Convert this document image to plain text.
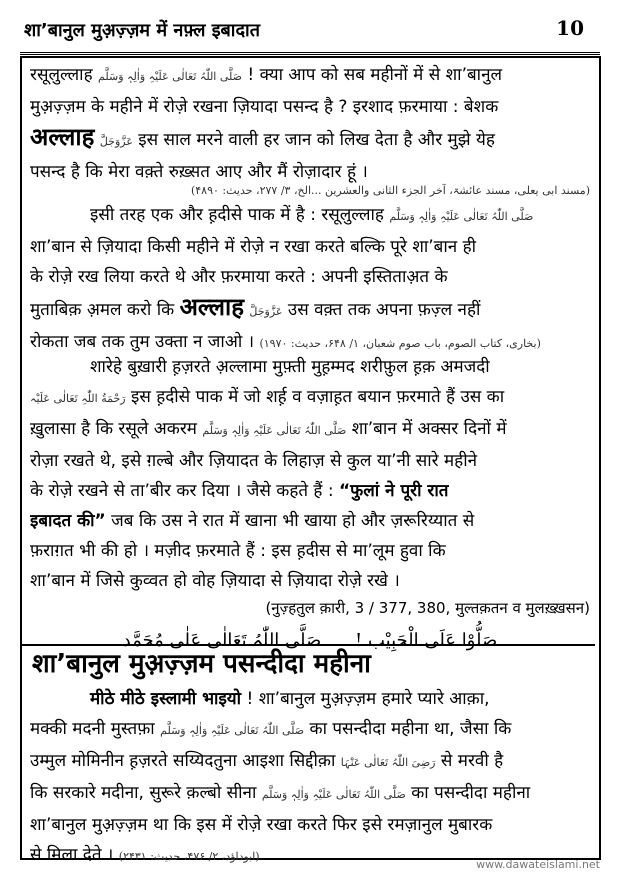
शा’बानुल मुअ़ज़्ज़म में नफ़्ल इबादात	10

रसूलुल्लाह صَلَّى اللّٰہُ تَعَالٰی عَلَیْہِ وَاٰلِہٖ وَسَلَّم ! क्या आप को सब महीनों में से शा’बानुल
मुअ़ज़्ज़म के महीने में रोज़े रखना ज़ियादा पसन्द है ? इरशाद फ़रमाया : बेशक
अल्लाह عَزَّوَجَلَّ इस साल मरने वाली हर जान को लिख देता है और मुझे येह
पसन्द है कि मेरा वक़्ते रुख़्सत आए और मैं रोज़ादार हूं ।

(مسند ابی یعلی، مسند عائشۃ، آخر الجزء الثانی والعشرین ...الخ، ۳/ ۲۷۷، حدیث: ۴۸۹۰)

इसी तरह एक और ह़दीसे पाक में है : रसूलुल्लाह صَلَّى اللّٰہُ تَعَالٰی عَلَیْہِ وَاٰلِہٖ وَسَلَّم
शा’बान से ज़ियादा किसी महीने में रोज़े न रखा करते बल्कि पूरे शा’बान ही
के रोज़े रख लिया करते थे और फ़रमाया करते : अपनी इस्तिताअ़त के
मुताबिक़ अ़मल करो कि अल्लाह عَزَّوَجَلَّ उस वक़्त तक अपना फ़ज़्ल नहीं
रोकता जब तक तुम उक्ता न जाओ । (بخاری، کتاب الصوم، باب صوم شعبان، ۱/ ۶۴۸، حدیث: ۱۹۷۰)

शारेहे बुख़ारी ह़ज़रते अ़ल्लामा मुफ़्ती मुह़म्मद शरीफ़ुल ह़क़ अमजदी
رَحْمَةُ اللّٰہِ تَعَالٰی عَلَیْہ इस ह़दीसे पाक में जो शर्ह़ व वज़ाह़त बयान फ़रमाते हैं उस का
ख़ुलासा है कि रसूले अकरम صَلَّى اللّٰہُ تَعَالٰی عَلَیْہِ وَاٰلِہٖ وَسَلَّم शा’बान में अक्सर दिनों में
रोज़ा रखते थे, इसे ग़ल्बे और ज़ियादत के लिहाज़ से कुल या’नी सारे महीने
के रोज़े रखने से ता’बीर कर दिया । जैसे कहते हैं : “फुलां ने पूरी रात
इबादत की” जब कि उस ने रात में खाना भी खाया हो और ज़रूरिय्यात से
फ़राग़त भी की हो । मज़ीद फ़रमाते हैं : इस ह़दीस से मा’लूम हुवा कि
शा’बान में जिसे कुव्वत हो वोह ज़ियादा से ज़ियादा रोज़े रखे ।

(नुज़्हतुल क़ारी, 3 / 377, 380, मुल्तक़तन व मुलख़्ख़सन)
صَلُّوْا عَلَی الْحَبِیْب ! صَلَّی اللّٰہُ تَعَالٰی عَلٰی مُحَمَّد
शा’बानुल मुअ़ज़्ज़म पसन्दीदा महीना

मीठे मीठे इस्लामी भाइयो ! शा’बानुल मुअ़ज़्ज़म हमारे प्यारे आक़ा,
मक्की मदनी मुस्तफ़ा صَلَّى اللّٰہُ تَعَالٰی عَلَیْہِ وَاٰلِہٖ وَسَلَّم का पसन्दीदा महीना था, जैसा कि
उम्मुल मोमिनीन ह़ज़रते सय्यिदतुना आइशा सिद्दीक़ा رَضِیَ اللّٰہُ تَعَالٰی عَنْہَا से मरवी है
कि सरकारे मदीना, सुरूरे क़ल्बो सीना صَلَّى اللّٰہُ تَعَالٰی عَلَیْہِ وَاٰلِہٖ وَسَلَّم का पसन्दीदा महीना
शा’बानुल मुअ़ज़्ज़म था कि इस में रोज़े रखा करते फिर इसे रमज़ानुल मुबारक
से मिला देते । (ابوداؤد، ۲/ ۴۷۶، حدیث: ۲۴۳۱)

www.dawateislami.net
